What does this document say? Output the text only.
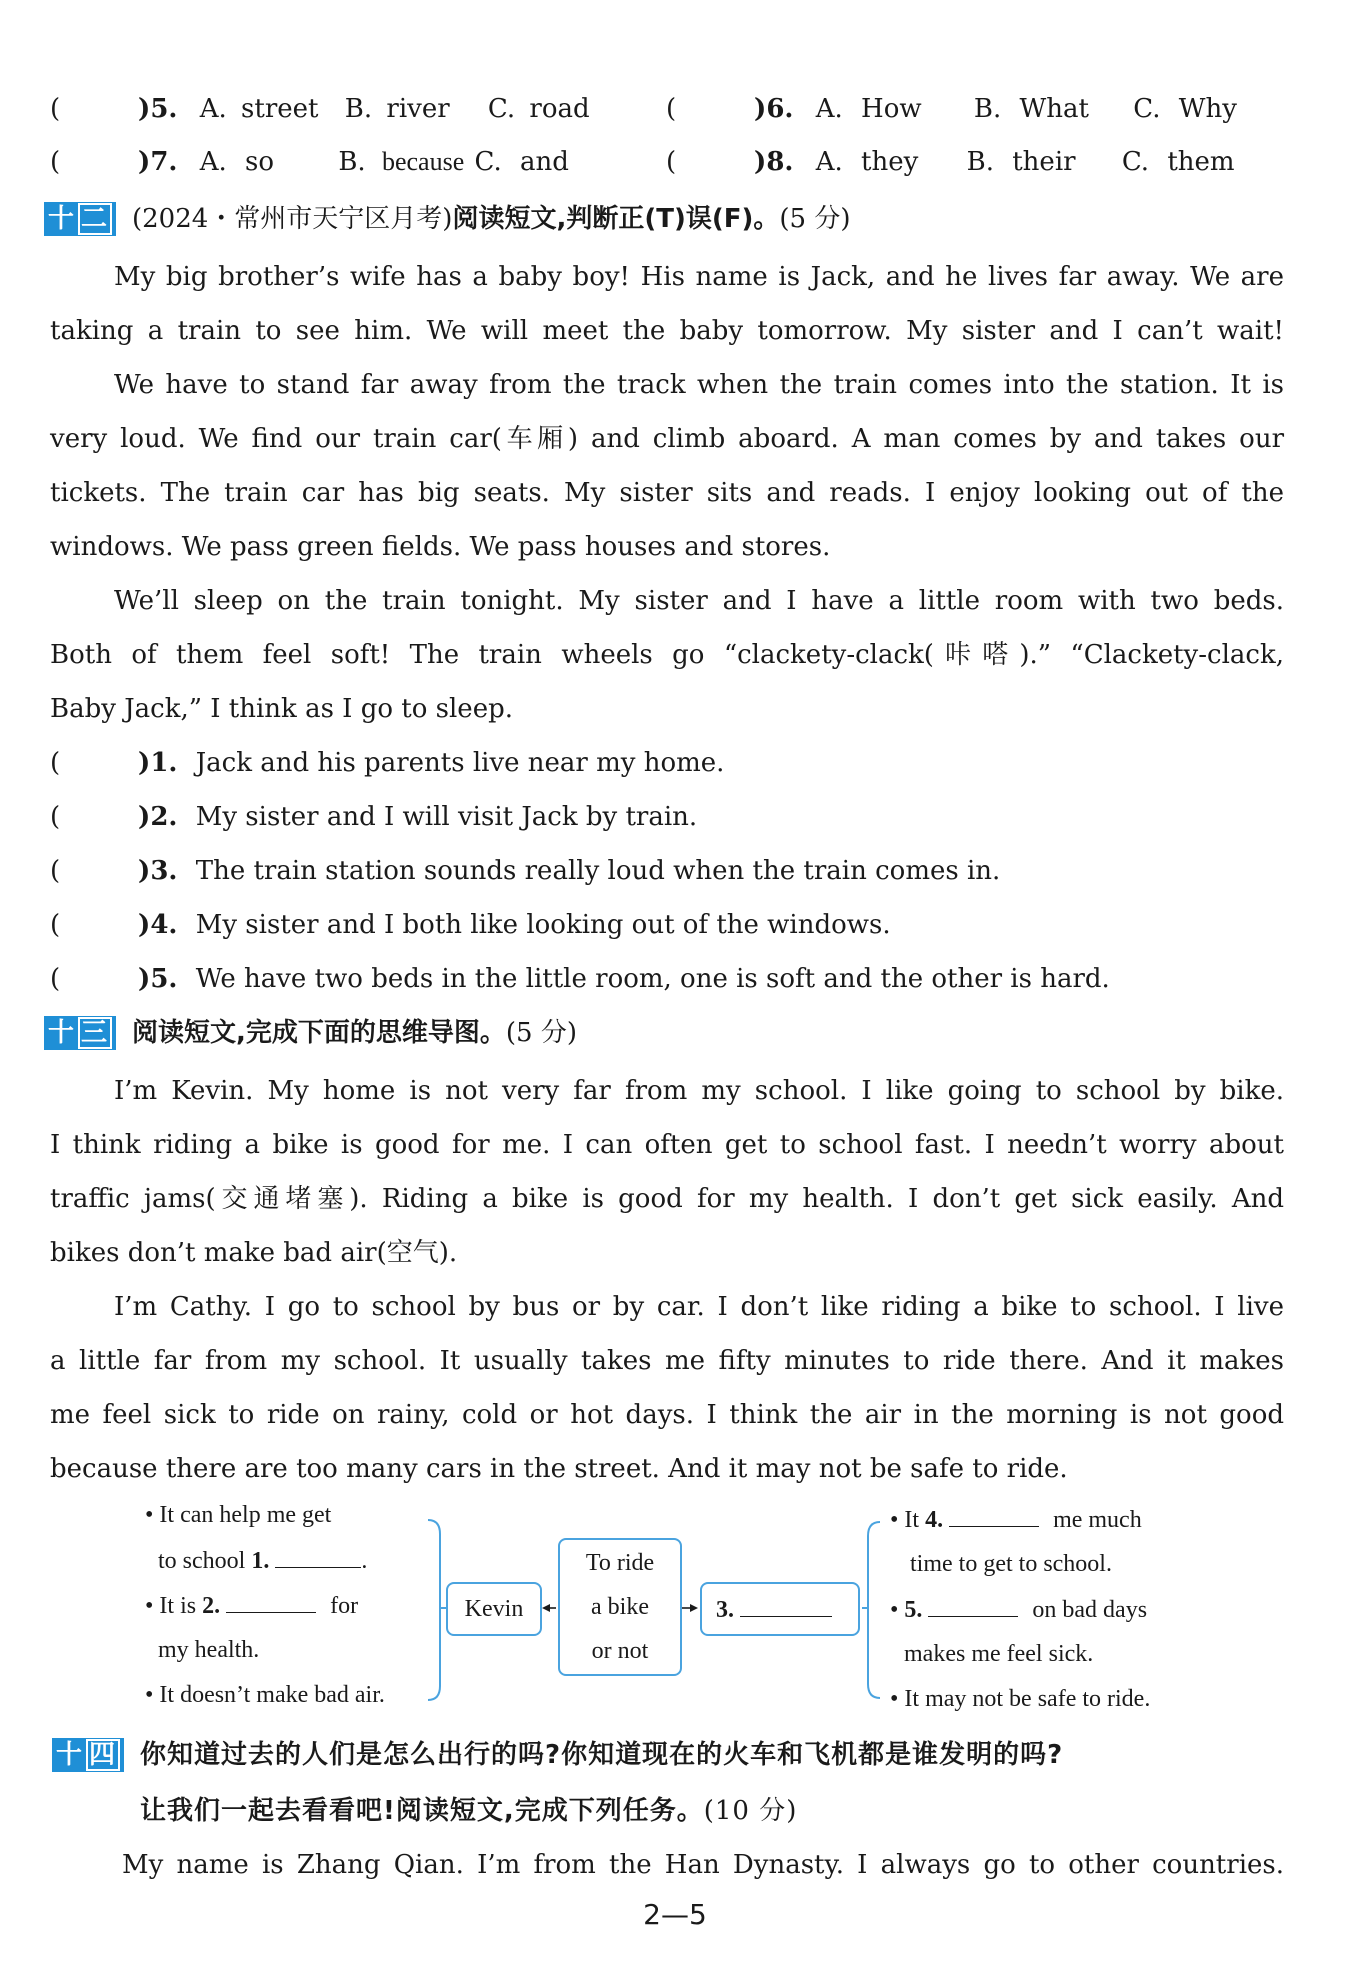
(	)5. A. street B. river C. road	(	)6. A. How B. What C. Why
(	)7. A. so B. because C. and	(	)8. A. they B. their C. them
十 二 (2024・常州市天宁区月考)阅读短文,判断正(T)误(F)。(5 分)
My big brother’s wife has a baby boy! His name is Jack, and he lives far away. We are
taking a train to see him. We will meet the baby tomorrow. My sister and I can’t wait!
We have to stand far away from the track when the train comes into the station. It is
very loud. We find our train car(车厢) and climb aboard. A man comes by and takes our
tickets. The train car has big seats. My sister sits and reads. I enjoy looking out of the
windows. We pass green fields. We pass houses and stores.
We’ll sleep on the train tonight. My sister and I have a little room with two beds.
Both of them feel soft! The train wheels go “clackety-clack(咔嗒).” “Clackety-clack,
Baby Jack,” I think as I go to sleep.
(	)1. Jack and his parents live near my home.
(	)2. My sister and I will visit Jack by train.
(	)3. The train station sounds really loud when the train comes in.
(	)4. My sister and I both like looking out of the windows.
(	)5. We have two beds in the little room, one is soft and the other is hard.
十 三 阅读短文,完成下面的思维导图。(5 分)
I’m Kevin. My home is not very far from my school. I like going to school by bike.
I think riding a bike is good for me. I can often get to school fast. I needn’t worry about
traffic jams(交通堵塞). Riding a bike is good for my health. I don’t get sick easily. And
bikes don’t make bad air(空气).
I’m Cathy. I go to school by bus or by car. I don’t like riding a bike to school. I live
a little far from my school. It usually takes me fifty minutes to ride there. And it makes
me feel sick to ride on rainy, cold or hot days. I think the air in the morning is not good
because there are too many cars in the street. And it may not be safe to ride.
• It can help me get
to school 1.	.
• It is 2.	for
my health.
• It doesn’t make bad air.
Kevin
To ride
a bike
or not
3.
• It 4.	me much
time to get to school.
• 5.	on bad days
makes me feel sick.
• It may not be safe to ride.
十 四 你知道过去的人们是怎么出行的吗?你知道现在的火车和飞机都是谁发明的吗?
让我们一起去看看吧!阅读短文,完成下列任务。(10 分)
My name is Zhang Qian. I’m from the Han Dynasty. I always go to other countries.
2—5
